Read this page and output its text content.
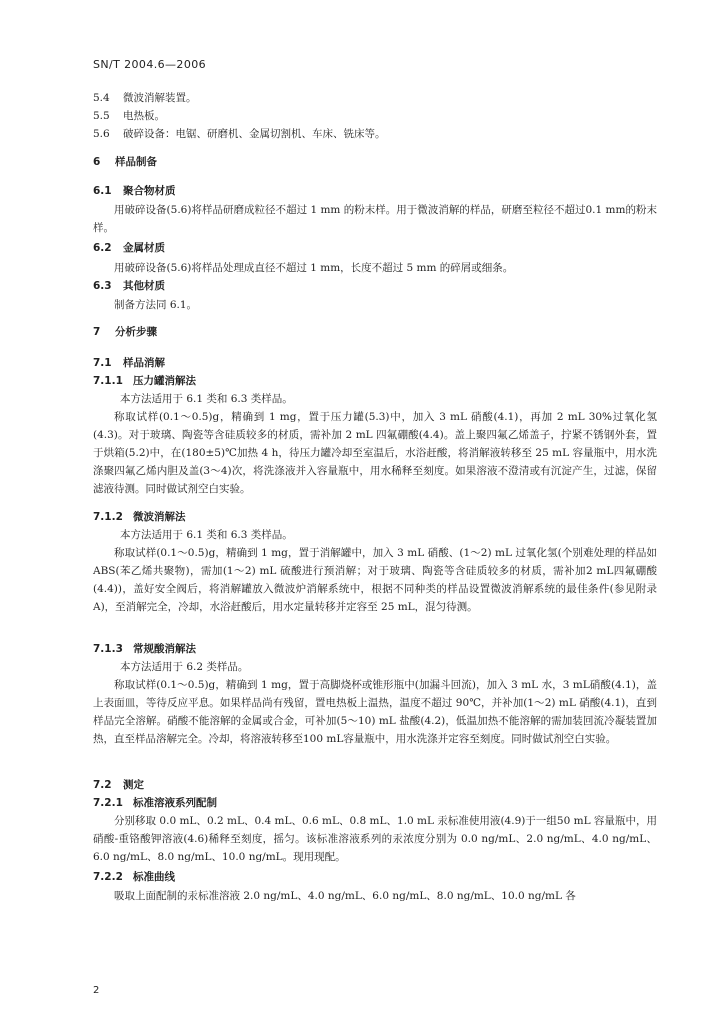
SN/T 2004.6—2006
5.4 微波消解装置。
5.5 电热板。
5.6 破碎设备：电锯、研磨机、金属切割机、车床、铣床等。
6 样品制备
6.1 聚合物材质
用破碎设备(5.6)将样品研磨成粒径不超过 1 mm 的粉末样。用于微波消解的样品，研磨至粒径不超过0.1 mm的粉末样。
6.2 金属材质
用破碎设备(5.6)将样品处理成直径不超过 1 mm，长度不超过 5 mm 的碎屑或细条。
6.3 其他材质
制备方法同 6.1。
7 分析步骤
7.1 样品消解
7.1.1 压力罐消解法
本方法适用于 6.1 类和 6.3 类样品。
称取试样(0.1～0.5)g，精确到 1 mg，置于压力罐(5.3)中，加入 3 mL 硝酸(4.1)，再加 2 mL 30%过氧化氢(4.3)。对于玻璃、陶瓷等含硅质较多的材质，需补加 2 mL 四氟硼酸(4.4)。盖上聚四氟乙烯盖子，拧紧不锈钢外套，置于烘箱(5.2)中，在(180±5)℃加热 4 h，待压力罐冷却至室温后，水浴赶酸，将消解液转移至 25 mL 容量瓶中，用水洗涤聚四氟乙烯内胆及盖(3～4)次，将洗涤液并入容量瓶中，用水稀释至刻度。如果溶液不澄清或有沉淀产生，过滤，保留滤液待测。同时做试剂空白实验。
7.1.2 微波消解法
本方法适用于 6.1 类和 6.3 类样品。
称取试样(0.1～0.5)g，精确到 1 mg，置于消解罐中，加入 3 mL 硝酸、(1～2) mL 过氧化氢(个别难处理的样品如 ABS(苯乙烯共聚物)，需加(1～2) mL 硫酸进行预消解；对于玻璃、陶瓷等含硅质较多的材质，需补加2 mL四氟硼酸(4.4))，盖好安全阀后，将消解罐放入微波炉消解系统中，根据不同种类的样品设置微波消解系统的最佳条件(参见附录 A)，至消解完全，冷却，水浴赶酸后，用水定量转移并定容至 25 mL，混匀待测。
7.1.3 常规酸消解法
本方法适用于 6.2 类样品。
称取试样(0.1～0.5)g，精确到 1 mg，置于高脚烧杯或锥形瓶中(加漏斗回流)，加入 3 mL 水，3 mL硝酸(4.1)，盖上表面皿，等待反应平息。如果样品尚有残留，置电热板上温热，温度不超过 90℃，并补加(1～2) mL 硝酸(4.1)，直到样品完全溶解。硝酸不能溶解的金属或合金，可补加(5～10) mL 盐酸(4.2)，低温加热不能溶解的需加装回流冷凝装置加热，直至样品溶解完全。冷却，将溶液转移至100 mL容量瓶中，用水洗涤并定容至刻度。同时做试剂空白实验。
7.2 测定
7.2.1 标准溶液系列配制
分别移取 0.0 mL、0.2 mL、0.4 mL、0.6 mL、0.8 mL、1.0 mL 汞标准使用液(4.9)于一组50 mL 容量瓶中，用硝酸-重铬酸钾溶液(4.6)稀释至刻度，摇匀。该标准溶液系列的汞浓度分别为 0.0 ng/mL、2.0 ng/mL、4.0 ng/mL、6.0 ng/mL、8.0 ng/mL、10.0 ng/mL。现用现配。
7.2.2 标准曲线
吸取上面配制的汞标准溶液 2.0 ng/mL、4.0 ng/mL、6.0 ng/mL、8.0 ng/mL、10.0 ng/mL 各
2
